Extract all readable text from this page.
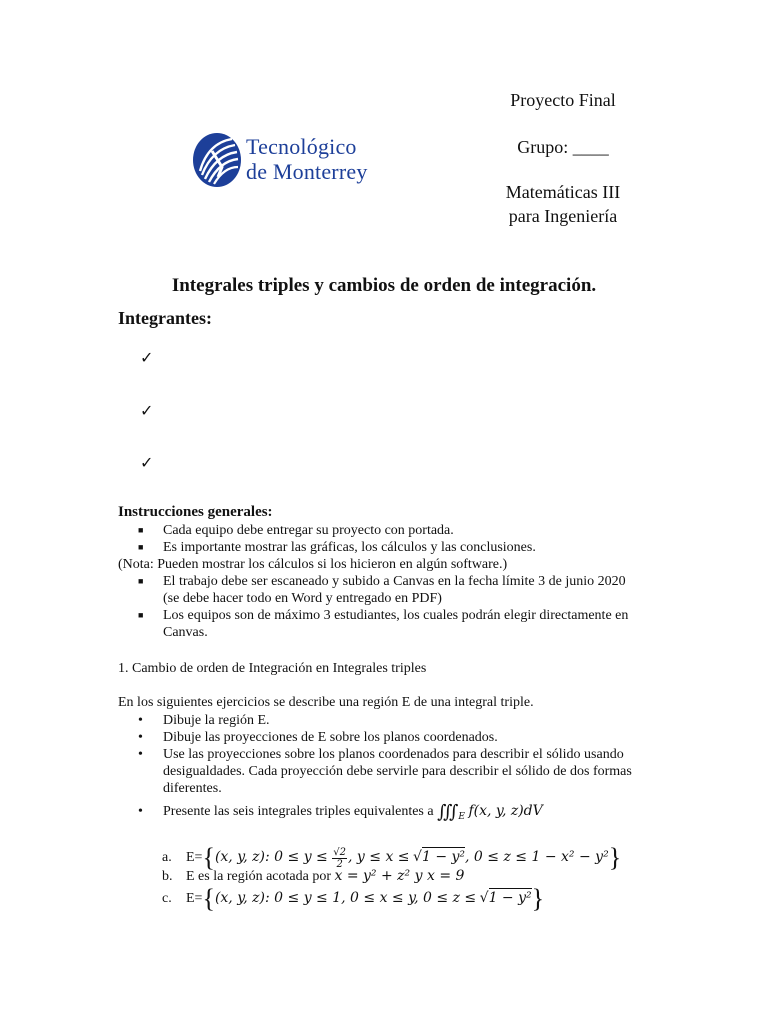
Proyecto Final
Grupo: ____
Matemáticas III
para Ingeniería
Tecnológico
de Monterrey
Integrales triples y cambios de orden de integración.
Integrantes:
✓
✓
✓
Instrucciones generales:
■ Cada equipo debe entregar su proyecto con portada.
■ Es importante mostrar las gráficas, los cálculos y las conclusiones.
(Nota: Pueden mostrar los cálculos si los hicieron en algún software.)
■ El trabajo debe ser escaneado y subido a Canvas en la fecha límite 3 de junio 2020 (se debe hacer todo en Word y entregado en PDF)
■ Los equipos son de máximo 3 estudiantes, los cuales podrán elegir directamente en Canvas.
1. Cambio de orden de Integración en Integrales triples
En los siguientes ejercicios se describe una región E de una integral triple.
• Dibuje la región E.
• Dibuje las proyecciones de E sobre los planos coordenados.
• Use las proyecciones sobre los planos coordenados para describir el sólido usando desigualdades. Cada proyección debe servirle para describir el sólido de dos formas diferentes.
• Presente las seis integrales triples equivalentes a $∭_E$ f(x, y, z)dV
a. E={(x, y, z): $0 \le y \le \frac{√2}{2}$ , y ≤ x ≤ √1 − y², 0 ≤ z ≤ 1 − x² − y²}
b. E es la región acotada por x = y² + z² y x = 9
c. E={(x, y, z): 0 ≤ y ≤ 1, 0 ≤ x ≤ y, 0 ≤ z ≤ √1 − y²}
